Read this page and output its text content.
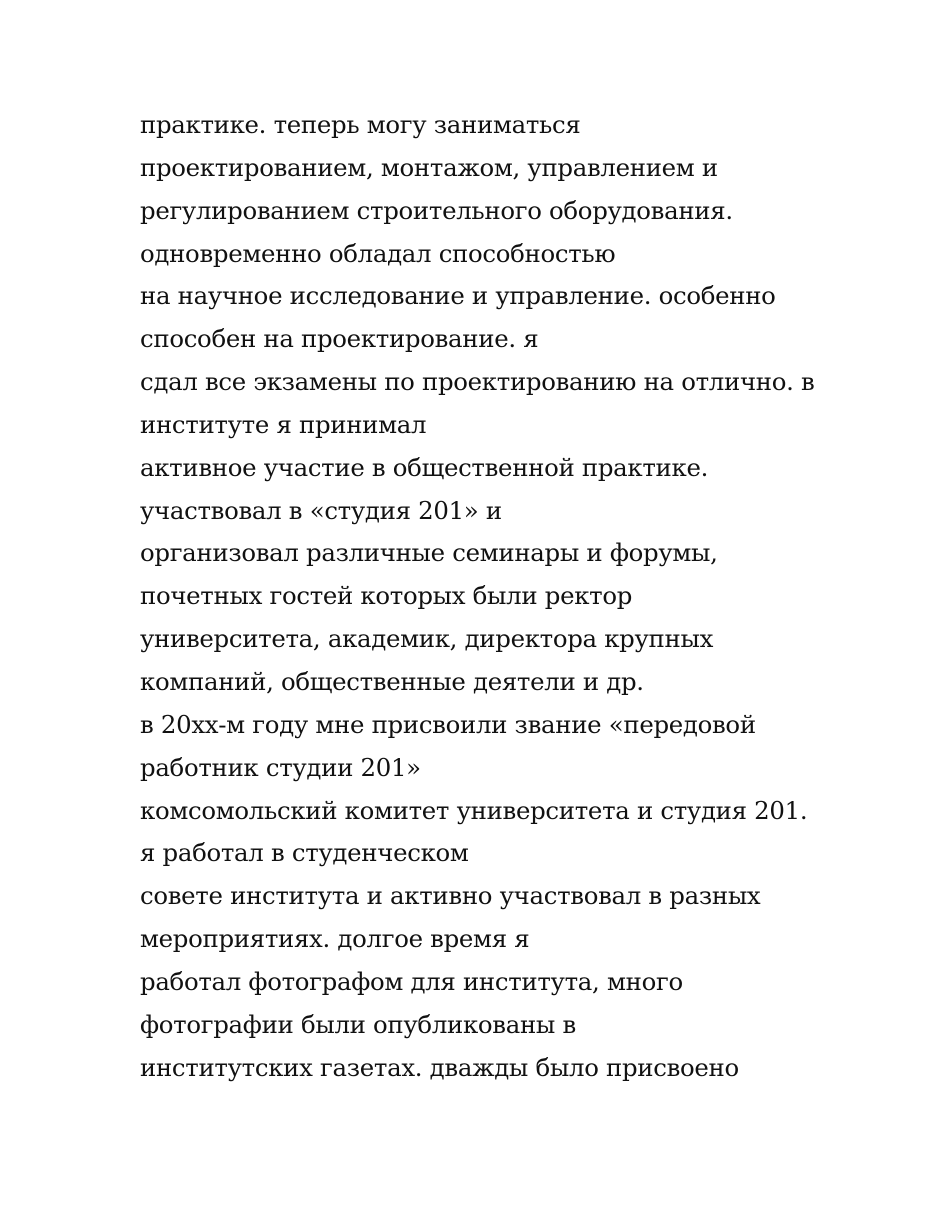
практике. теперь могу заниматься
проектированием, монтажом, управлением и
регулированием строительного оборудования.
одновременно обладал способностью
на научное исследование и управление. особенно
способен на проектирование. я
сдал все экзамены по проектированию на отлично. в
институте я принимал
активное участие в общественной практике.
участвовал в «студия 201» и
организовал различные семинары и форумы,
почетных гостей которых были ректор
университета, академик, директора крупных
компаний, общественные деятели и др.
в 20хх-м году мне присвоили звание «передовой
работник студии 201»
комсомольский комитет университета и студия 201.
я работал в студенческом
совете института и активно участвовал в разных
мероприятиях. долгое время я
работал фотографом для института, много
фотографии были опубликованы в
институтских газетах. дважды было присвоено
